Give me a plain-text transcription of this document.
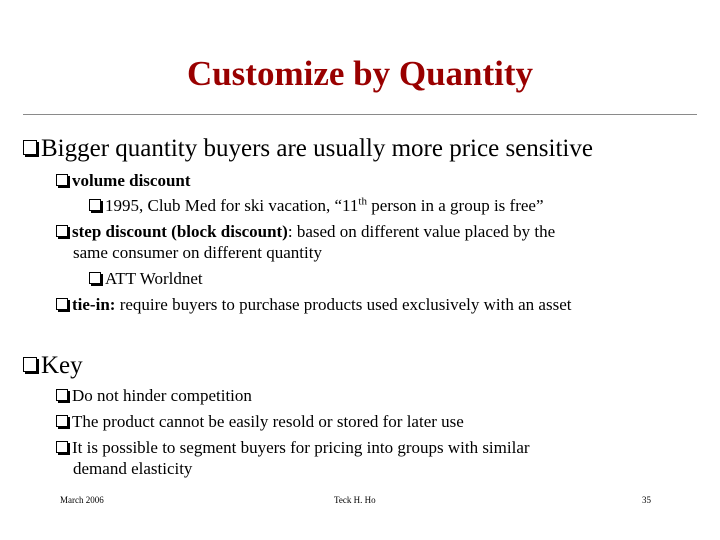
Customize by Quantity
Bigger quantity buyers are usually more price sensitive
volume discount
1995, Club Med for ski vacation, “11th person in a group is free”
step discount (block discount): based on different value placed by the
same consumer on different quantity
ATT Worldnet
tie-in: require buyers to purchase products used exclusively with an asset
Key
Do not hinder competition
The product cannot be easily resold or stored for later use
It is possible to segment buyers for pricing into groups with similar
demand elasticity
March 2006	Teck H. Ho	35
